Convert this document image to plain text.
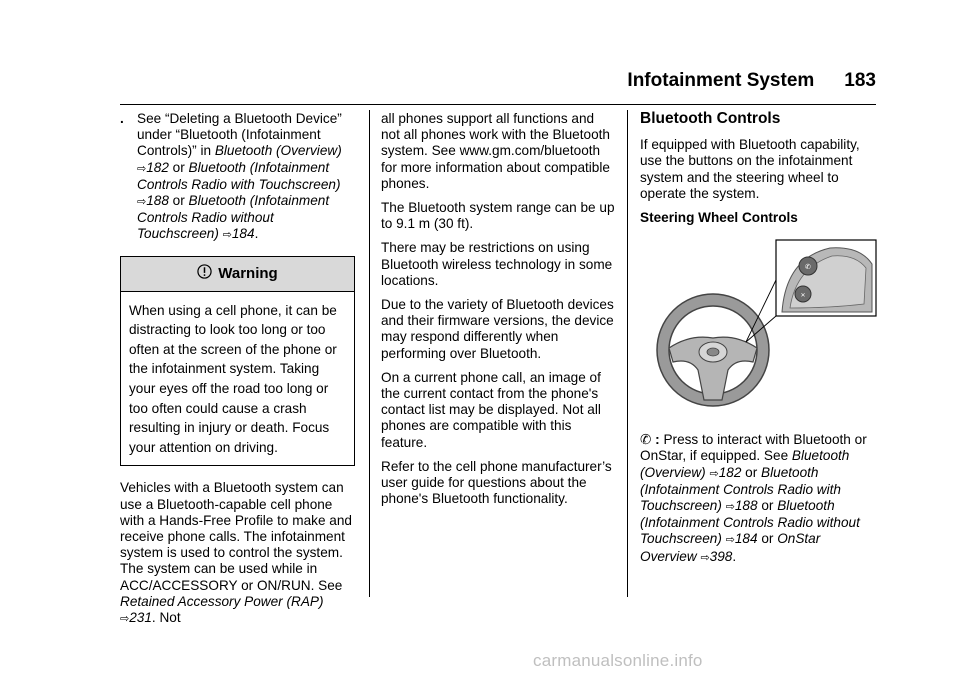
Infotainment System 183
. See “Deleting a Bluetooth Device” under “Bluetooth (Infotainment Controls)” in Bluetooth (Overview) ⇨182 or Bluetooth (Infotainment Controls Radio with Touchscreen) ⇨188 or Bluetooth (Infotainment Controls Radio without Touchscreen) ⇨184.
Warning
When using a cell phone, it can be distracting to look too long or too often at the screen of the phone or the infotainment system. Taking your eyes off the road too long or too often could cause a crash resulting in injury or death. Focus your attention on driving.

Vehicles with a Bluetooth system can use a Bluetooth-capable cell phone with a Hands-Free Profile to make and receive phone calls. The infotainment system is used to control the system. The system can be used while in ACC/ACCESSORY or ON/RUN. See Retained Accessory Power (RAP) ⇨231. Not

all phones support all functions and not all phones work with the Bluetooth system. See www.gm.com/bluetooth for more information about compatible phones.

The Bluetooth system range can be up to 9.1 m (30 ft).

There may be restrictions on using Bluetooth wireless technology in some locations.

Due to the variety of Bluetooth devices and their firmware versions, the device may respond differently when performing over Bluetooth.

On a current phone call, an image of the current contact from the phone's contact list may be displayed. Not all phones are compatible with this feature.

Refer to the cell phone manufacturer’s user guide for questions about the phone's Bluetooth functionality.

Bluetooth Controls

If equipped with Bluetooth capability, use the buttons on the infotainment system and the steering wheel to operate the system.

Steering Wheel Controls
✆
✕

✆ : Press to interact with Bluetooth or OnStar, if equipped. See Bluetooth (Overview) ⇨182 or Bluetooth (Infotainment Controls Radio with Touchscreen) ⇨188 or Bluetooth (Infotainment Controls Radio without Touchscreen) ⇨184 or OnStar Overview ⇨398.

carmanualsonline.info
